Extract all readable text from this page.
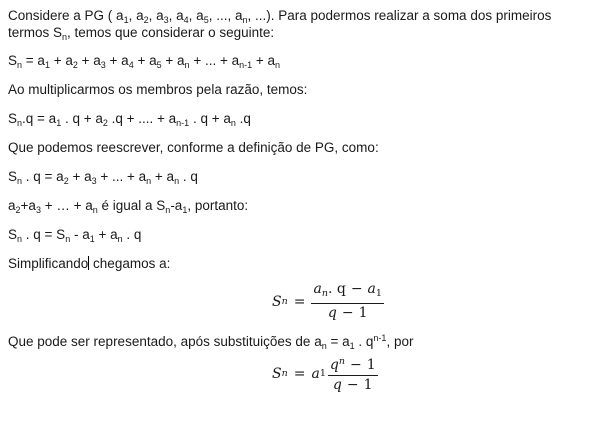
Considere a PG ( $a_1$, $a_2$, $a_3$, $a_4$, $a_5$, ..., $a_n$, ...). Para podermos realizar a soma dos primeiros
termos $S_n$, temos que considerar o seguinte:
$S_n = a_1 + a_2 + a_3 + a_4 + a_5 + a_n$ + ... + $a_{n-1} + a_n$
Ao multiplicarmos os membros pela razão, temos:
$S_n.q = a_1$ . $q + a_2$ .q + .... + $a_{n-1}$ . $q + a_n$ .q
Que podemos reescrever, conforme a definição de PG, como:
$S_n$ . $q = a_2 + a_3$ + ... + $a_n + a_n$ . q
$a_2+a_3$ + … + $a_n$ é igual a $S_n-a_1$, portanto:
$S_n$ . $q = S_n - a_1 + a_n$ . q
Simplificando chegamos a:
S $n = \frac{a_n. q - a_1}{q - 1}$
Que pode ser representado, após substituições de $a_n = a_1$ . $q^{n-1}$, por
S n = a $1 \frac{q^n - 1}{q - 1}$
